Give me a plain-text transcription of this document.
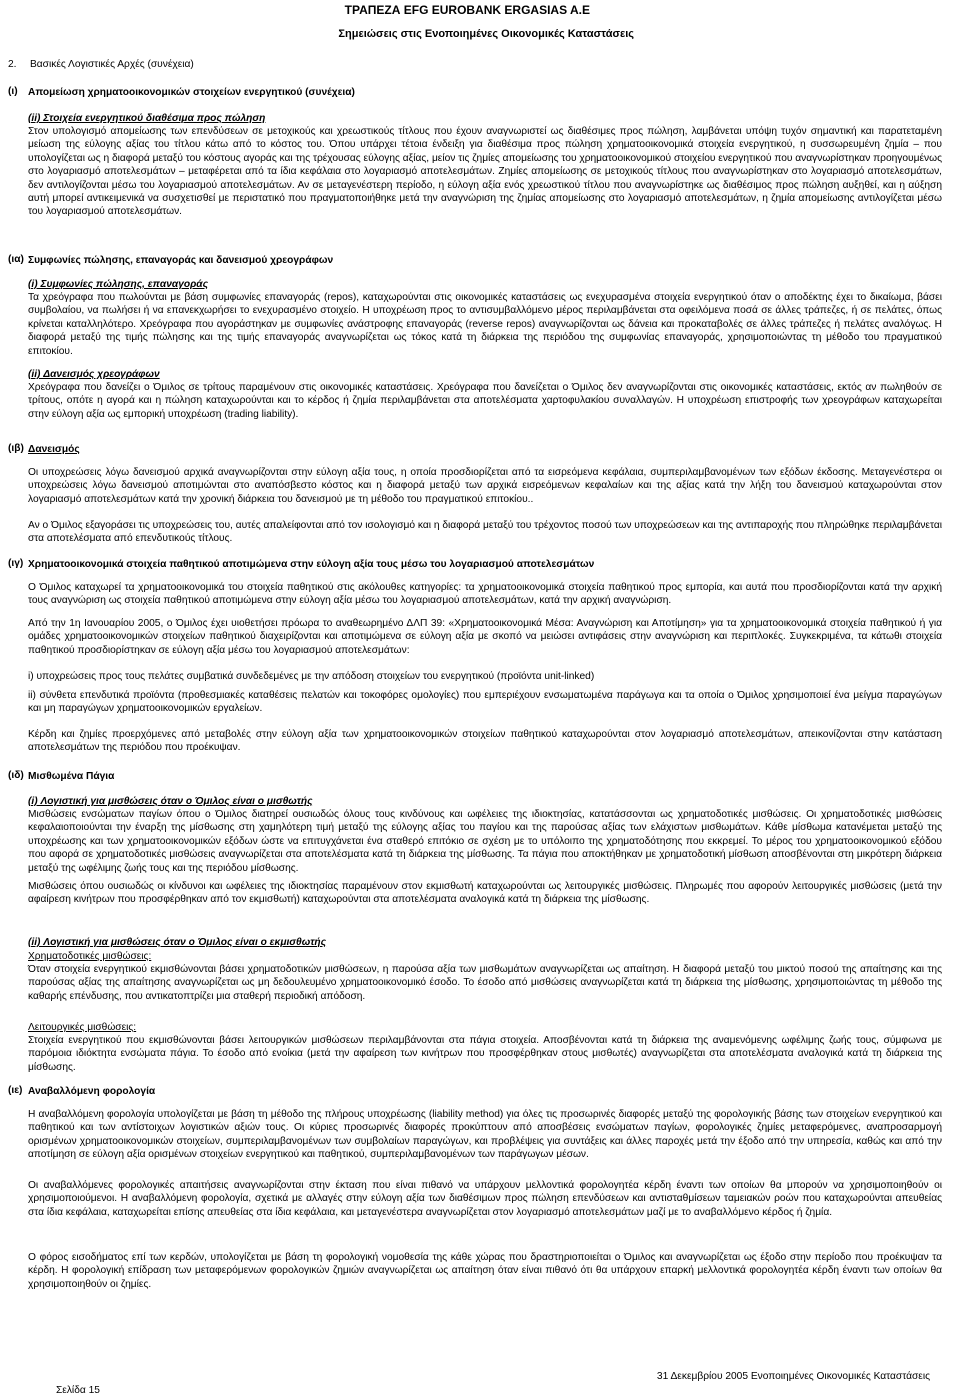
ΤΡΑΠΕΖΑ EFG EUROBANK ERGASIAS A.E
Σημειώσεις στις Ενοποιημένες Οικονομικές Καταστάσεις
2. Βασικές Λογιστικές Αρχές (συνέχεια)
(ι) Απομείωση χρηματοοικονομικών στοιχείων ενεργητικού (συνέχεια)
(ii) Στοιχεία ενεργητικού διαθέσιμα προς πώληση
Στον υπολογισμό απομείωσης των επενδύσεων σε μετοχικούς και χρεωστικούς τίτλους που έχουν αναγνωριστεί ως διαθέσιμες προς πώληση, λαμβάνεται υπόψη τυχόν σημαντική και παρατεταμένη μείωση της εύλογης αξίας του τίτλου κάτω από το κόστος του. Όπου υπάρχει τέτοια ένδειξη για διαθέσιμα προς πώληση χρηματοοικονομικά στοιχεία ενεργητικού, η συσσωρευμένη ζημία – που υπολογίζεται ως η διαφορά μεταξύ του κόστους αγοράς και της τρέχουσας εύλογης αξίας, μείον τις ζημίες απομείωσης του χρηματοοικονομικού στοιχείου ενεργητικού που αναγνωρίστηκαν προηγουμένως στο λογαριασμό αποτελεσμάτων – μεταφέρεται από τα ίδια κεφάλαια στο λογαριασμό αποτελεσμάτων. Ζημίες απομείωσης σε μετοχικούς τίτλους που αναγνωρίστηκαν στο λογαριασμό αποτελεσμάτων, δεν αντιλογίζονται μέσω του λογαριασμού αποτελεσμάτων. Αν σε μεταγενέστερη περίοδο, η εύλογη αξία ενός χρεωστικού τίτλου που αναγνωρίστηκε ως διαθέσιμος προς πώληση αυξηθεί, και η αύξηση αυτή μπορεί αντικειμενικά να συσχετισθεί με περιστατικό που πραγματοποιήθηκε μετά την αναγνώριση της ζημίας απομείωσης στο λογαριασμό αποτελεσμάτων, η ζημία απομείωσης αντιλογίζεται μέσω του λογαριασμού αποτελεσμάτων.
(ια) Συμφωνίες πώλησης, επαναγοράς και δανεισμού χρεογράφων
(i) Συμφωνίες πώλησης, επαναγοράς
Τα χρεόγραφα που πωλούνται με βάση συμφωνίες επαναγοράς (repos), καταχωρούνται στις οικονομικές καταστάσεις ως ενεχυρασμένα στοιχεία ενεργητικού όταν ο αποδέκτης έχει το δικαίωμα, βάσει συμβολαίου, να πωλήσει ή να επανεκχωρήσει το ενεχυρασμένο στοιχείο. Η υποχρέωση προς το αντισυμβαλλόμενο μέρος περιλαμβάνεται στα οφειλόμενα ποσά σε άλλες τράπεζες, ή σε πελάτες, όπως κρίνεται καταλληλότερο. Χρεόγραφα που αγοράστηκαν με συμφωνίες ανάστροφης επαναγοράς (reverse repos) αναγνωρίζονται ως δάνεια και προκαταβολές σε άλλες τράπεζες ή πελάτες αναλόγως. Η διαφορά μεταξύ της τιμής πώλησης και της τιμής επαναγοράς αναγνωρίζεται ως τόκος κατά τη διάρκεια της περιόδου της συμφωνίας επαναγοράς, χρησιμοποιώντας τη μέθοδο του πραγματικού επιτοκίου.
(ii) Δανεισμός χρεογράφων
Χρεόγραφα που δανείζει ο Όμιλος σε τρίτους παραμένουν στις οικονομικές καταστάσεις. Χρεόγραφα που δανείζεται ο Όμιλος δεν αναγνωρίζονται στις οικονομικές καταστάσεις, εκτός αν πωληθούν σε τρίτους, οπότε η αγορά και η πώληση καταχωρούνται και το κέρδος ή ζημία περιλαμβάνεται στα αποτελέσματα χαρτοφυλακίου συναλλαγών. Η υποχρέωση επιστροφής των χρεογράφων καταχωρείται στην εύλογη αξία ως εμπορική υποχρέωση (trading liability).
(ιβ) Δανεισμός
Οι υποχρεώσεις λόγω δανεισμού αρχικά αναγνωρίζονται στην εύλογη αξία τους, η οποία προσδιορίζεται από τα εισρεόμενα κεφάλαια, συμπεριλαμβανομένων των εξόδων έκδοσης. Μεταγενέστερα οι υποχρεώσεις λόγω δανεισμού αποτιμώνται στο αναπόσβεστο κόστος και η διαφορά μεταξύ των αρχικά εισρεόμενων κεφαλαίων και της αξίας κατά την λήξη του δανεισμού καταχωρούνται στον λογαριασμό αποτελεσμάτων κατά την χρονική διάρκεια του δανεισμού με τη μέθοδο του πραγματικού επιτοκίου..
Αν ο Όμιλος εξαγοράσει τις υποχρεώσεις του, αυτές απαλείφονται από τον ισολογισμό και η διαφορά μεταξύ του τρέχοντος ποσού των υποχρεώσεων και της αντιπαροχής που πληρώθηκε περιλαμβάνεται στα αποτελέσματα από επενδυτικούς τίτλους.
(ιγ) Χρηματοοικονομικά στοιχεία παθητικού αποτιμώμενα στην εύλογη αξία τους μέσω του λογαριασμού αποτελεσμάτων
Ο Όμιλος καταχωρεί τα χρηματοοικονομικά του στοιχεία παθητικού στις ακόλουθες κατηγορίες: τα χρηματοοικονομικά στοιχεία παθητικού προς εμπορία, και αυτά που προσδιορίζονται κατά την αρχική τους αναγνώριση ως στοιχεία παθητικού αποτιμώμενα στην εύλογη αξία μέσω του λογαριασμού αποτελεσμάτων, κατά την αρχική αναγνώριση.
Από την 1η Ιανουαρίου 2005, ο Όμιλος έχει υιοθετήσει πρόωρα το αναθεωρημένο ΔΛΠ 39: «Χρηματοοικονομικά Μέσα: Αναγνώριση και Αποτίμηση» για τα χρηματοοικονομικά στοιχεία παθητικού ή για ομάδες χρηματοοικονομικών στοιχείων παθητικού διαχειρίζονται και αποτιμώμενα σε εύλογη αξία με σκοπό να μειώσει αντιφάσεις στην αναγνώριση και περιπλοκές. Συγκεκριμένα, τα κάτωθι στοιχεία παθητικού προσδιορίστηκαν σε εύλογη αξία μέσω του λογαριασμού αποτελεσμάτων:
i) υποχρεώσεις προς τους πελάτες συμβατικά συνδεδεμένες με την απόδοση στοιχείων του ενεργητικού (προϊόντα unit-linked)
ii) σύνθετα επενδυτικά προϊόντα (προθεσμιακές καταθέσεις πελατών και τοκοφόρες ομολογίες) που εμπεριέχουν ενσωματωμένα παράγωγα και τα οποία ο Όμιλος χρησιμοποιεί ένα μείγμα παραγώγων και μη παραγώγων χρηματοοικονομικών εργαλείων.
Κέρδη και ζημίες προερχόμενες από μεταβολές στην εύλογη αξία των χρηματοοικονομικών στοιχείων παθητικού καταχωρούνται στον λογαριασμό αποτελεσμάτων, απεικονίζονται στην κατάσταση αποτελεσμάτων της περιόδου που προέκυψαν.
(ιδ) Μισθωμένα Πάγια
(i) Λογιστική για μισθώσεις όταν ο Όμιλος είναι ο μισθωτής
Μισθώσεις ενσώματων παγίων όπου ο Όμιλος διατηρεί ουσιωδώς όλους τους κινδύνους και ωφέλειες της ιδιοκτησίας, κατατάσσονται ως χρηματοδοτικές μισθώσεις. Οι χρηματοδοτικές μισθώσεις κεφαλαιοποιούνται την έναρξη της μίσθωσης στη χαμηλότερη τιμή μεταξύ της εύλογης αξίας του παγίου και της παρούσας αξίας των ελάχιστων μισθωμάτων. Κάθε μίσθωμα κατανέμεται μεταξύ της υποχρέωσης και των χρηματοοικονομικών εξόδων ώστε να επιτυγχάνεται ένα σταθερό επιτόκιο σε σχέση με το υπόλοιπο της χρηματοδότησης που εκκρεμεί. Το μέρος του χρηματοοικονομικού εξόδου που αφορά σε χρηματοδοτικές μισθώσεις αναγνωρίζεται στα αποτελέσματα κατά τη διάρκεια της μίσθωσης. Τα πάγια που αποκτήθηκαν με χρηματοδοτική μίσθωση αποσβένονται στη μικρότερη διάρκεια μεταξύ της ωφέλιμης ζωής τους και της περιόδου μίσθωσης.
Μισθώσεις όπου ουσιωδώς οι κίνδυνοι και ωφέλειες της ιδιοκτησίας παραμένουν στον εκμισθωτή καταχωρούνται ως λειτουργικές μισθώσεις. Πληρωμές που αφορούν λειτουργικές μισθώσεις (μετά την αφαίρεση κινήτρων που προσφέρθηκαν από τον εκμισθωτή) καταχωρούνται στα αποτελέσματα αναλογικά κατά τη διάρκεια της μίσθωσης.
(ii) Λογιστική για μισθώσεις όταν ο Όμιλος είναι ο εκμισθωτής
Χρηματοδοτικές μισθώσεις:
Όταν στοιχεία ενεργητικού εκμισθώνονται βάσει χρηματοδοτικών μισθώσεων, η παρούσα αξία των μισθωμάτων αναγνωρίζεται ως απαίτηση. Η διαφορά μεταξύ του μικτού ποσού της απαίτησης και της παρούσας αξίας της απαίτησης αναγνωρίζεται ως μη δεδουλευμένο χρηματοοικονομικό έσοδο. Το έσοδο από μισθώσεις αναγνωρίζεται κατά τη διάρκεια της μίσθωσης, χρησιμοποιώντας τη μέθοδο της καθαρής επένδυσης, που αντικατοπτρίζει μια σταθερή περιοδική απόδοση.
Λειτουργικές μισθώσεις:
Στοιχεία ενεργητικού που εκμισθώνονται βάσει λειτουργικών μισθώσεων περιλαμβάνονται στα πάγια στοιχεία. Αποσβένονται κατά τη διάρκεια της αναμενόμενης ωφέλιμης ζωής τους, σύμφωνα με παρόμοια ιδιόκτητα ενσώματα πάγια. Το έσοδο από ενοίκια (μετά την αφαίρεση των κινήτρων που προσφέρθηκαν στους μισθωτές) αναγνωρίζεται στα αποτελέσματα αναλογικά κατά τη διάρκεια της μίσθωσης.
(ιε) Αναβαλλόμενη φορολογία
Η αναβαλλόμενη φορολογία υπολογίζεται με βάση τη μέθοδο της πλήρους υποχρέωσης (liability method) για όλες τις προσωρινές διαφορές μεταξύ της φορολογικής βάσης των στοιχείων ενεργητικού και παθητικού και των αντίστοιχων λογιστικών αξιών τους. Οι κύριες προσωρινές διαφορές προκύπτουν από αποσβέσεις ενσώματων παγίων, φορολογικές ζημίες μεταφερόμενες, αναπροσαρμογή ορισμένων χρηματοοικονομικών στοιχείων, συμπεριλαμβανομένων των συμβολαίων παραγώγων, και προβλέψεις για συντάξεις και άλλες παροχές μετά την έξοδο από την υπηρεσία, καθώς και από την αποτίμηση σε εύλογη αξία ορισμένων στοιχείων ενεργητικού και παθητικού, συμπεριλαμβανομένων των παράγωγων μέσων.
Οι αναβαλλόμενες φορολογικές απαιτήσεις αναγνωρίζονται στην έκταση που είναι πιθανό να υπάρχουν μελλοντικά φορολογητέα κέρδη έναντι των οποίων θα μπορούν να χρησιμοποιηθούν οι χρησιμοποιούμενοι. Η αναβαλλόμενη φορολογία, σχετικά με αλλαγές στην εύλογη αξία των διαθέσιμων προς πώληση επενδύσεων και αντισταθμίσεων ταμειακών ροών που καταχωρούνται απευθείας στα ίδια κεφάλαια, καταχωρείται επίσης απευθείας στα ίδια κεφάλαια, και μεταγενέστερα αναγνωρίζεται στον λογαριασμό αποτελεσμάτων μαζί με το αναβαλλόμενο κέρδος ή ζημία.
Ο φόρος εισοδήματος επί των κερδών, υπολογίζεται με βάση τη φορολογική νομοθεσία της κάθε χώρας που δραστηριοποιείται ο Όμιλος και αναγνωρίζεται ως έξοδο στην περίοδο που προέκυψαν τα κέρδη. Η φορολογική επίδραση των μεταφερόμενων φορολογικών ζημιών αναγνωρίζεται ως απαίτηση όταν είναι πιθανό ότι θα υπάρχουν επαρκή μελλοντικά φορολογητέα κέρδη έναντι των οποίων θα χρησιμοποιηθούν οι ζημίες.
31 Δεκεμβρίου 2005 Ενοποιημένες Οικονομικές Καταστάσεις
Σελίδα 15
